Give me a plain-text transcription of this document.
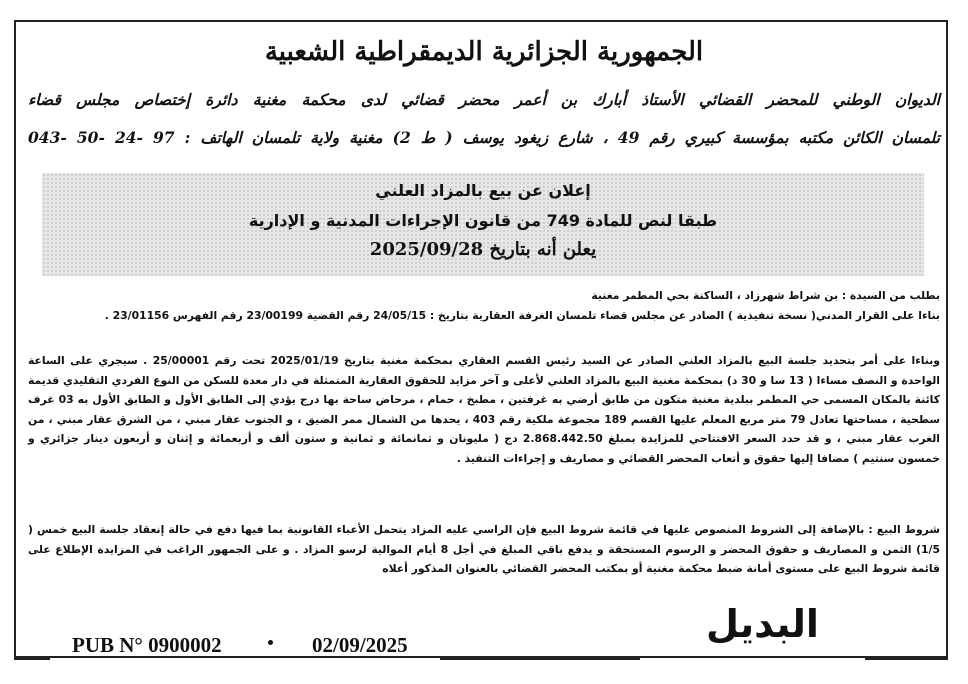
الجمهورية الجزائرية الديمقراطية الشعبية
الديوان الوطني للمحضر القضائي الأستاذ أبارك بن أعمر محضر قضائي لدى محكمة مغنية دائرة إختصاص مجلس قضاء
تلمسان الكائن مكتبه بمؤسسة كبيري رقم 49 ، شارع زيغود يوسف ( ط 2) مغنية ولاية تلمسان الهاتف : 97 -24 -50 -043
إعلان عن بيع بالمزاد العلني
طبقا لنص للمادة 749 من قانون الإجراءات المدنية و الإدارية
يعلن أنه بتاريخ 2025/09/28

بطلب من السيدة : بن شراط شهرزاد ، الساكنة بحي المطمر مغنية

بناءا على القرار المدني( نسخة تنفيذية ) الصادر عن مجلس قضاء تلمسان الغرفة العقارية بتاريخ : 24/05/15 رقم القضية 23/00199 رقم الفهرس 23/01156 .

وبناءا على أمر بتحديد جلسة البيع بالمزاد العلني الصادر عن السيد رئيس القسم العقاري بمحكمة مغنية بتاريخ 2025/01/19 تحت رقم 25/00001 . سيجري على الساعة الواحدة و النصف مساءا ( 13 سا و 30 د) بمحكمة مغنية البيع بالمزاد العلني لأعلى و آخر مزايد للحقوق العقارية المتمثلة في دار معدة للسكن من النوع الفردي التقليدي قديمة كائنة بالمكان المسمى حي المطمر ببلدية مغنية متكون من طابق أرضي به غرفتين ، مطبخ ، حمام ، مرحاض ساحة بها درج يؤدي إلى الطابق الأول و الطابق الأول به 03 غرف سطحية ، مساحتها تعادل 79 متر مربع المعلم عليها القسم 189 مجموعة ملكية رقم 403 ، يحدها من الشمال ممر الضيق ، و الجنوب عقار مبني ، من الشرق عقار مبني ، من الغرب عقار مبني ، و قد حدد السعر الافتتاحي للمزايدة بمبلغ 2.868.442.50 دج ( مليونان و ثمانمائة و ثمانية و ستون ألف و أربعمائة و إثنان و أربعون دينار جزائري و خمسون سنتيم ) مضافا إليها حقوق و أتعاب المحضر القضائي و مصاريف و إجراءات التنفيذ .

شروط البيع : بالإضافة إلى الشروط المنصوص عليها في قائمة شروط البيع فإن الراسي عليه المزاد يتحمل الأعباء القانونية بما فيها دفع في حالة إنعقاد جلسة البيع خمس ( 1/5) الثمن و المصاريف و حقوق المحضر و الرسوم المستحقة و يدفع باقي المبلغ في أجل 8 أيام الموالية لرسو المزاد . و على الجمهور الراغب في المزايدة الإطلاع على قائمة شروط البيع على مستوى أمانة ضبط محكمة مغنية أو بمكتب المحضر القضائي بالعنوان المذكور أعلاه

PUB N° 0900002	02/09/2025	البديل
